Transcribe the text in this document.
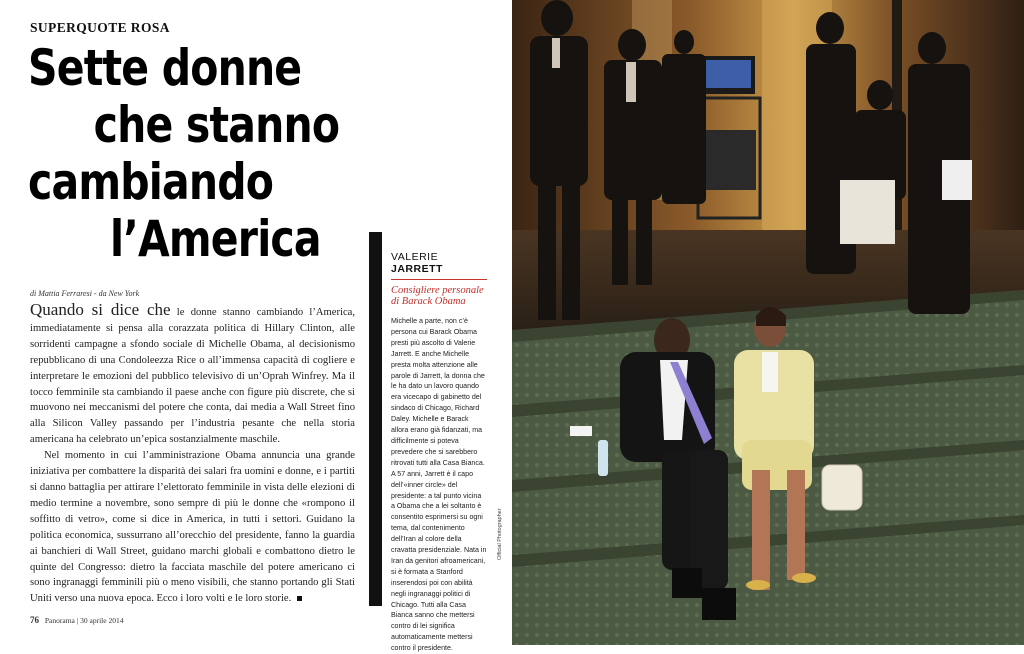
SUPERQUOTE ROSA
Sette donne
che stanno
cambiando
l’America
di Mattia Ferraresi - da New York

Quando si dice che le donne stanno cambiando l’America, immediatamente si pensa alla corazzata politica di Hillary Clinton, alle sorridenti campagne a sfondo sociale di Michelle Obama, al decisionismo repubblicano di una Condoleezza Rice o all’immensa capacità di cogliere e interpretare le emozioni del pubblico televisivo di un’Oprah Winfrey. Ma il tocco femminile sta cambiando il paese anche con figure più discrete, che si muovono nei meccanismi del potere che conta, dai media a Wall Street fino alla Silicon Valley passando per l’industria pesante che nella storia americana ha celebrato un’epica sostanzialmente maschile.

Nel momento in cui l’amministrazione Obama annuncia una grande iniziativa per combattere la disparità dei salari fra uomini e donne, e i partiti si danno battaglia per attirare l’elettorato femminile in vista delle elezioni di medio termine a novembre, sono sempre di più le donne che «rompono il soffitto di vetro», come si dice in America, in tutti i settori. Guidano la politica economica, sussurrano all’orecchio del presidente, fanno la guardia ai banchieri di Wall Street, guidano marchi globali e combattono dietro le quinte del Congresso: dietro la facciata maschile del potere americano ci sono ingranaggi femminili più o meno visibili, che stanno portando gli Stati Uniti verso una nuova epoca. Ecco i loro volti e le loro storie.

76 Panorama | 30 aprile 2014
VALERIE
JARRETT
Consigliere personale di Barack Obama
Michelle a parte, non c’è persona cui Barack Obama presti più ascolto di Valerie Jarrett. E anche Michelle presta molta attenzione alle parole di Jarrett, la donna che le ha dato un lavoro quando era vicecapo di gabinetto del sindaco di Chicago, Richard Daley. Michelle e Barack allora erano già fidanzati, ma difficilmente si poteva prevedere che si sarebbero ritrovati tutti alla Casa Bianca. A 57 anni, Jarrett è il capo dell’«inner circle» del presidente: a tal punto vicina a Obama che a lei soltanto è consentito esprimersi su ogni tema, dal contenimento dell’Iran al colore della cravatta presidenziale. Nata in Iran da genitori afroamericani, si è formata a Stanford inserendosi poi con abilità negli ingranaggi politici di Chicago. Tutti alla Casa Bianca sanno che mettersi contro di lei significa automaticamente mettersi contro il presidente.
Official Photographer
